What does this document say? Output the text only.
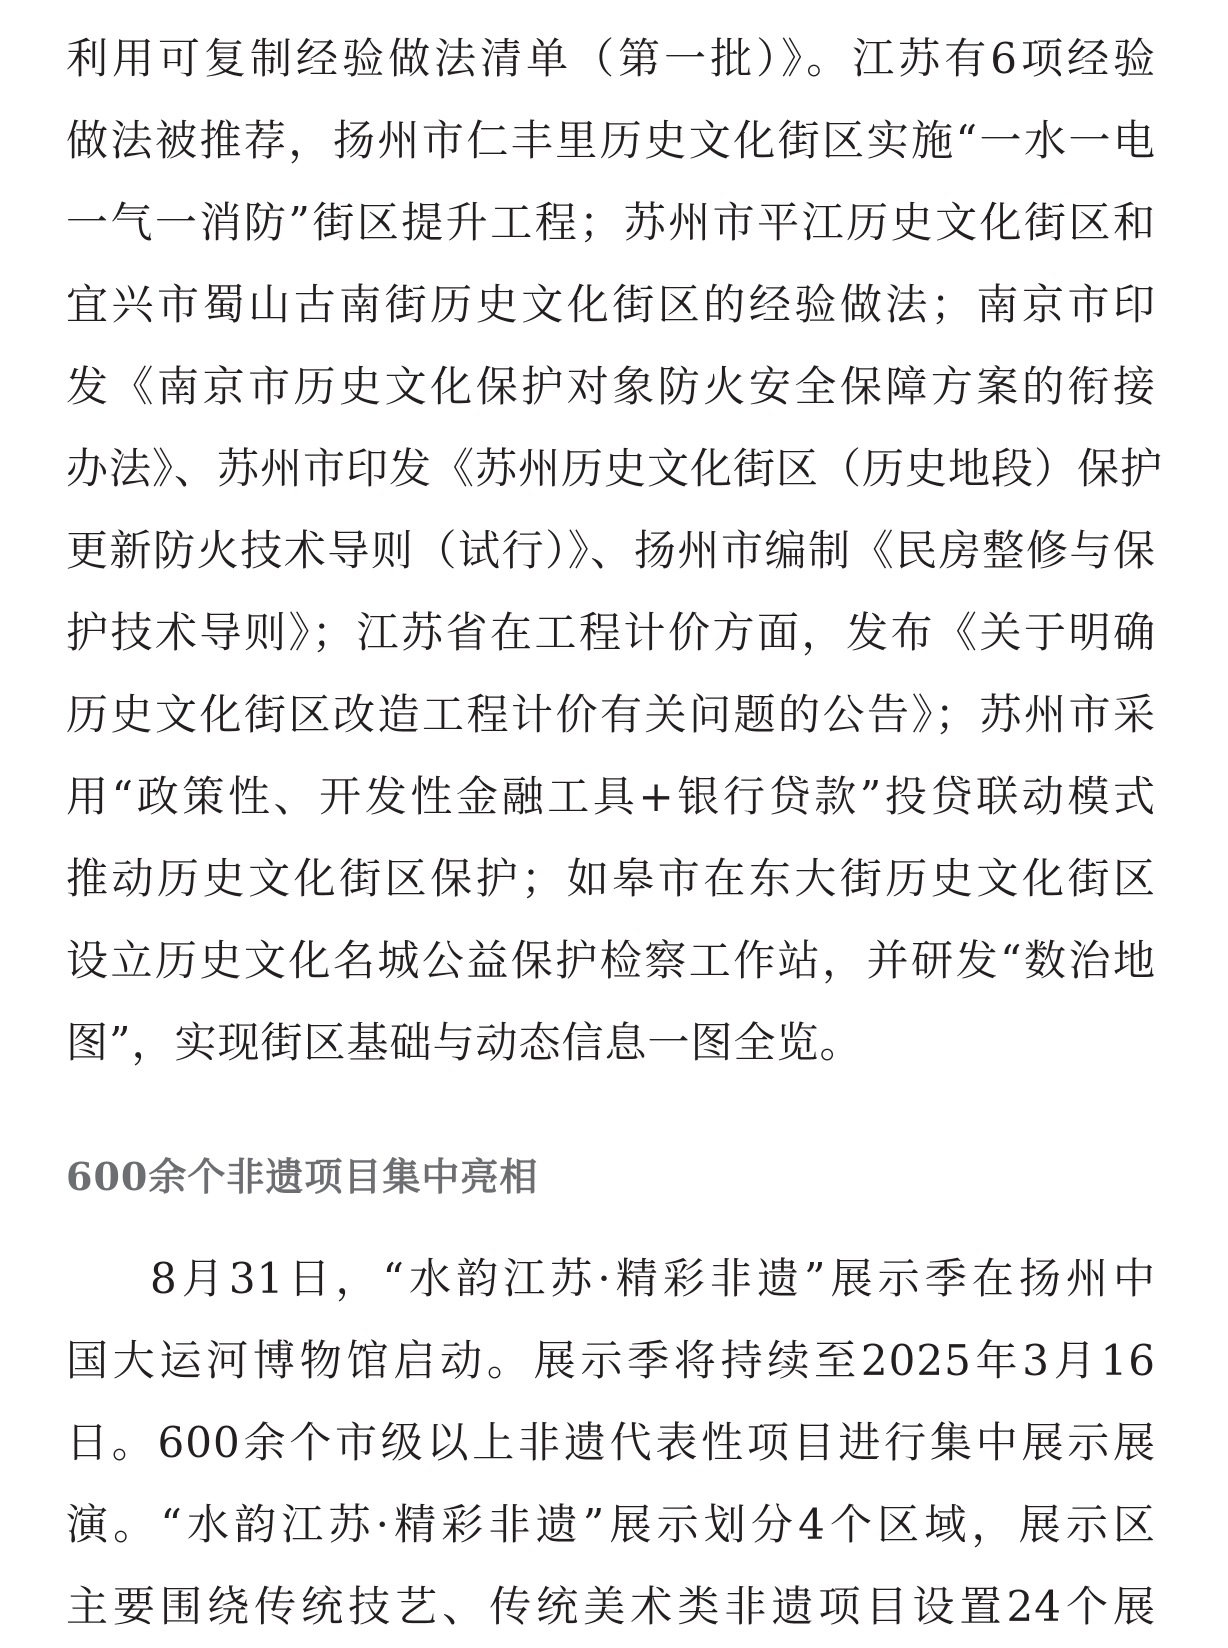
利用可复制经验做法清单（第一批）》。江苏有6项经验
做法被推荐，扬州市仁丰里历史文化街区实施“一水一电
一气一消防”街区提升工程；苏州市平江历史文化街区和
宜兴市蜀山古南街历史文化街区的经验做法；南京市印
发《南京市历史文化保护对象防火安全保障方案的衔接
办法》、苏州市印发《苏州历史文化街区（历史地段）保护
更新防火技术导则（试行）》、扬州市编制《民房整修与保
护技术导则》；江苏省在工程计价方面，发布《关于明确
历史文化街区改造工程计价有关问题的公告》；苏州市采
用“政策性、开发性金融工具+银行贷款”投贷联动模式
推动历史文化街区保护；如皋市在东大街历史文化街区
设立历史文化名城公益保护检察工作站，并研发“数治地
图”，实现街区基础与动态信息一图全览。
600余个非遗项目集中亮相
8月31日，“水韵江苏·精彩非遗”展示季在扬州中
国大运河博物馆启动。展示季将持续至2025年3月16
日。600余个市级以上非遗代表性项目进行集中展示展
演。“水韵江苏·精彩非遗”展示划分4个区域，展示区
主要围绕传统技艺、传统美术类非遗项目设置24个展
